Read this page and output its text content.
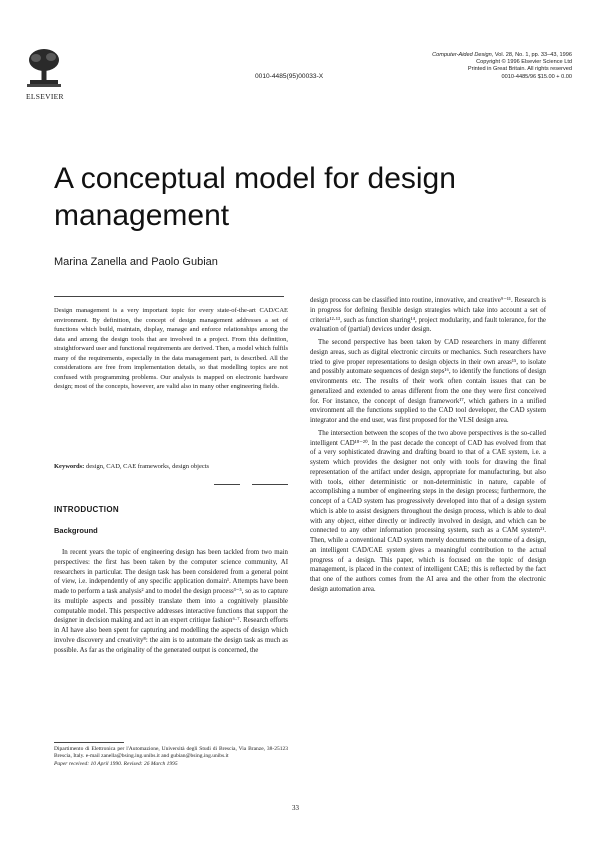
ELSEVIER
0010-4485(95)00033-X
Computer-Aided Design, Vol. 28, No. 1, pp. 33–43, 1996
Copyright © 1996 Elsevier Science Ltd
Printed in Great Britain. All rights reserved
0010-4485/96 $15.00 + 0.00
A conceptual model for design management
Marina Zanella and Paolo Gubian

Design management is a very important topic for every state-of-the-art CAD/CAE environment. By definition, the concept of design management addresses a set of functions which build, maintain, display, manage and enforce relationships among the data and among the design tools that are involved in a project. From this definition, straightforward user and functional requirements are derived. Then, a model which fulfils many of the requirements, especially in the data management part, is described. All the considerations are free from implementation details, so that modelling topics are not confused with programming problems. Our analysis is mapped on electronic hardware design; most of the concepts, however, are valid also in many other engineering fields.

Keywords: design, CAD, CAE frameworks, design objects
INTRODUCTION
Background

In recent years the topic of engineering design has been tackled from two main perspectives: the first has been taken by the computer science community, AI researchers in particular. The design task has been considered from a general point of view, i.e. independently of any specific application domain¹. Attempts have been made to perform a task analysis² and to model the design process³⁻⁵, so as to capture its multiple aspects and possibly translate them into a cognitively plausible computable model. This perspective addresses interactive functions that support the designer in decision making and act in an expert critique fashion⁶·⁷. Research efforts in AI have also been spent for capturing and modelling the aspects of design which involve discovery and creativity⁸: the aim is to automate the design task as much as possible. As far as the originality of the generated output is concerned, the

Dipartimento di Elettronica per l'Automazione, Università degli Studi di Brescia, Via Branze, 38-25123 Brescia, Italy. e-mail zanella@bsing.ing.unibs.it and gubian@bsing.ing.unibs.it
Paper received: 10 April 1990. Revised: 26 March 1995

design process can be classified into routine, innovative, and creative⁹⁻¹¹. Research is in progress for defining flexible design strategies which take into account a set of criteria¹²·¹³, such as function sharing¹⁴, project modularity, and fault tolerance, for the evaluation of (partial) devices under design.

The second perspective has been taken by CAD researchers in many different design areas, such as digital electronic circuits or mechanics. Such researchers have tried to give proper representations to design objects in their own areas¹⁵, to isolate and possibly automate sequences of design steps¹⁶, to identify the functions of design environments etc. The results of their work often contain issues that can be generalized and extended to areas different from the one they were first conceived for. For instance, the concept of design framework¹⁷, which gathers in a unified environment all the functions supplied to the CAD tool developer, the CAD system integrator and the end user, was first proposed for the VLSI design area.

The intersection between the scopes of the two above perspectives is the so-called intelligent CAD¹⁸⁻²⁰. In the past decade the concept of CAD has evolved from that of a very sophisticated drawing and drafting board to that of a CAE system, i.e. a system which provides the designer not only with tools for drawing the final representation of the artifact under design, appropriate for manufacturing, but also with tools, either deterministic or non-deterministic in nature, capable of accomplishing a number of engineering steps in the design process; furthermore, the concept of a CAD system has progressively developed into that of a design system which is able to assist designers throughout the design process, which is able to deal with any object, either directly or indirectly involved in design, and which can be connected to any other information processing system, such as a CAM system²¹. Then, while a conventional CAD system merely documents the outcome of a design, an intelligent CAD/CAE system gives a meaningful contribution to the actual progress of a design. This paper, which is focused on the topic of design management, is placed in the context of intelligent CAE; this is reflected by the fact that one of the authors comes from the AI area and the other from the electronic design automation area.

33
